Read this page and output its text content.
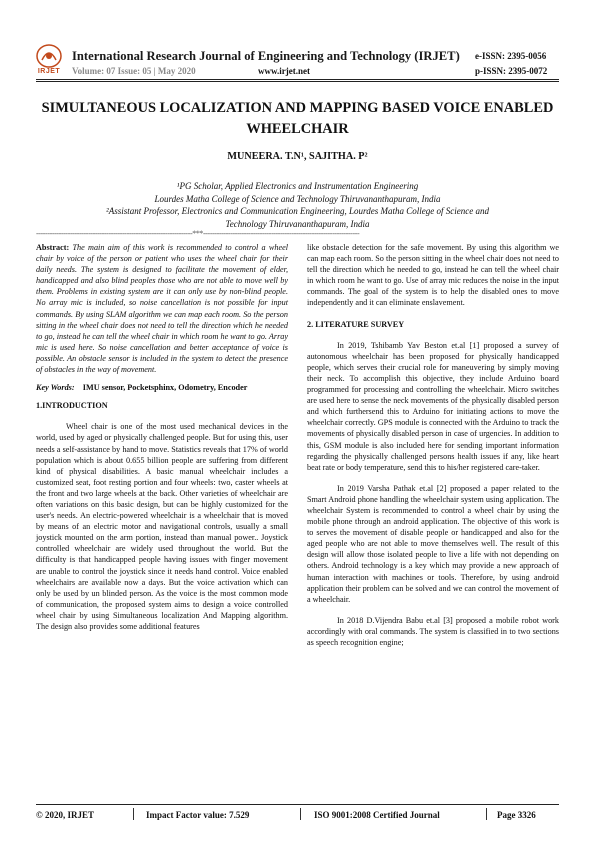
IRJET
International Research Journal of Engineering and Technology (IRJET) e-ISSN: 2395-0056
Volume: 07 Issue: 05 | May 2020	www.irjet.net	p-ISSN: 2395-0072
SIMULTANEOUS LOCALIZATION AND MAPPING BASED VOICE ENABLED
WHEELCHAIR
MUNEERA. T.N¹, SAJITHA. P²
¹PG Scholar, Applied Electronics and Instrumentation Engineering
Lourdes Matha College of Science and Technology Thiruvananthapuram, India
²Assistant Professor, Electronics and Communication Engineering, Lourdes Matha College of Science and
Technology Thiruvananthapuram, India
---------------------------------------------------------------------***---------------------------------------------------------------------

Abstract: The main aim of this work is recommended to control a wheel chair by voice of the person or patient who uses the wheel chair for their daily needs. The system is designed to facilitate the movement of elder, handicapped and also blind peoples those who are not able to move well by them. Problems in existing system are it can only use by non-blind people. No array mic is included, so noise cancellation is not possible for input commands. By using SLAM algorithm we can map each room. So the person sitting in the wheel chair does not need to tell the direction which he needed to go, instead he can tell the wheel chair in which room he want to go. Array mic is used here. So noise cancellation and better acceptance of voice is possible. An obstacle sensor is included in the system to detect the presence of obstacles in the way of movement.

Key Words: IMU sensor, Pocketsphinx, Odometry, Encoder

1.INTRODUCTION

Wheel chair is one of the most used mechanical devices in the world, used by aged or physically challenged people. But for using this, user needs a self-assistance by hand to move. Statistics reveals that 17% of world population which is about 0.655 billion people are suffering from different kind of physical disabilities. A basic manual wheelchair includes a customized seat, foot resting portion and four wheels: two, caster wheels at the front and two large wheels at the back. Other varieties of wheelchair are often variations on this basic design, but can be highly customized for the user's needs. An electric-powered wheelchair is a wheelchair that is moved by means of an electric motor and navigational controls, usually a small joystick mounted on the arm portion, instead than manual power.. Joystick controlled wheelchair are widely used throughout the world. But the difficulty is that handicapped people having issues with finger movement are unable to control the joystick since it needs hand control. Voice enabled wheelchairs are available now a days. But the voice activation which can only be used by un blinded person. As the voice is the most common mode of communication, the proposed system aims to design a voice controlled wheel chair by using Simultaneous localization And Mapping algorithm. The design also provides some additional features

like obstacle detection for the safe movement. By using this algorithm we can map each room. So the person sitting in the wheel chair does not need to tell the direction which he needed to go, instead he can tell the wheel chair in which room he want to go. Use of array mic reduces the noise in the input commands. The goal of the system is to help the disabled ones to move independently and it can eliminate enslavement.

2. LITERATURE SURVEY

In 2019, Tshibamb Yav Beston et.al [1] proposed a survey of autonomous wheelchair has been proposed for physically handicapped people, which serves their crucial role for maneuvering by simply moving their neck. To accomplish this objective, they include Arduino board programmed for processing and controlling the wheelchair. Micro switches are used here to sense the neck movements of the physically disabled person and which furthersend this to Arduino for initiating actions to move the wheelchair correctly. GPS module is connected with the Arduino to track the movements of physically disabled person in case of urgencies. In addition to this, GSM module is also included here for sending important information regarding the physically challenged persons health issues if any, like heart beat rate or body temperature, send this to his/her registered care-taker.

In 2019 Varsha Pathak et.al [2] proposed a paper related to the Smart Android phone handling the wheelchair system using application. The wheelchair System is recommended to control a wheel chair by using the mobile phone through an android application. The objective of this work is to serves the movement of disable people or handicapped and also for the aged people who are not able to move themselves well. The result of this design will allow those isolated people to live a life with not depending on others. Android technology is a key which may provide a new approach of human interaction with machines or tools. Therefore, by using android application their problem can be solved and we can control the movement of a wheelchair.

In 2018 D.Vijendra Babu et.al [3] proposed a mobile robot work accordingly with oral commands. The system is classified in to two sections as speech recognition engine;

© 2020, IRJET	Impact Factor value: 7.529	ISO 9001:2008 Certified Journal	Page 3326
